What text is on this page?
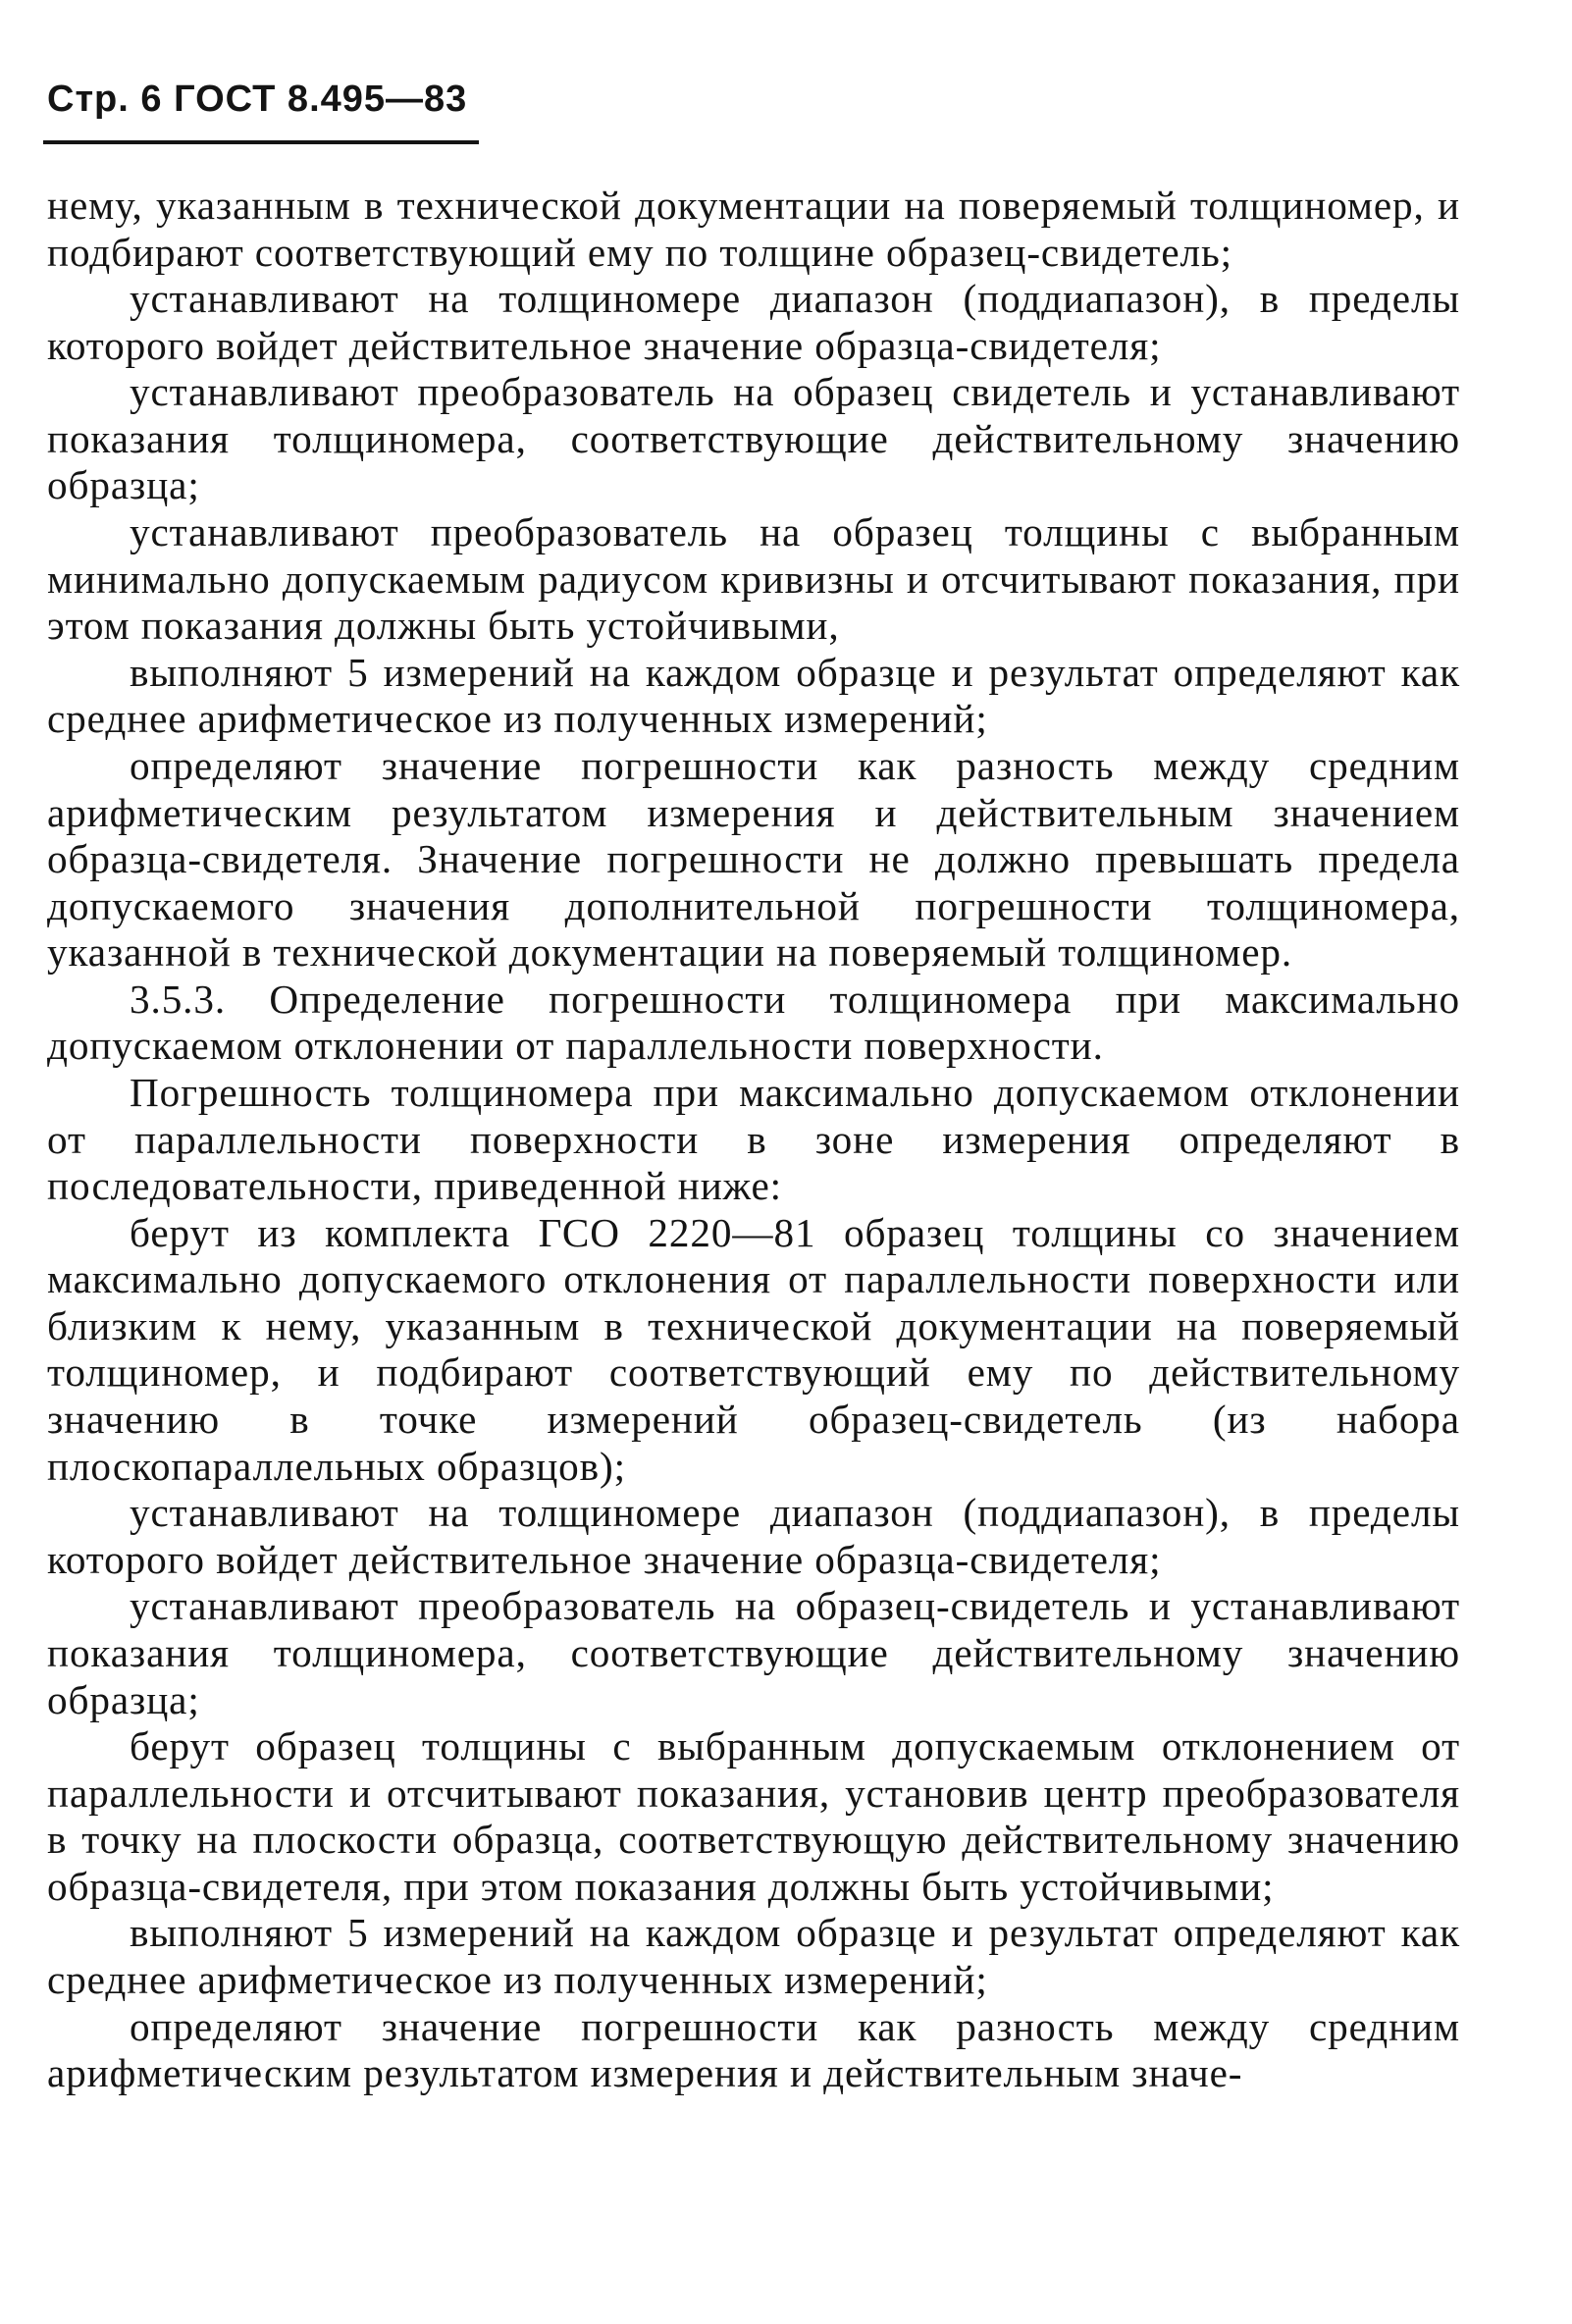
Стр. 6 ГОСТ 8.495—83

нему, указанным в технической документации на поверяемый толщиномер, и подбирают соответствующий ему по толщине образец-свидетель;

устанавливают на толщиномере диапазон (поддиапазон), в пределы которого войдет действительное значение образца-свидетеля;

устанавливают преобразователь на образец свидетель и устанавливают показания толщиномера, соответствующие действительному значению образца;

устанавливают преобразователь на образец толщины с выбранным минимально допускаемым радиусом кривизны и отсчитывают показания, при этом показания должны быть устойчивыми,

выполняют 5 измерений на каждом образце и результат определяют как среднее арифметическое из полученных измерений;

определяют значение погрешности как разность между средним арифметическим результатом измерения и действительным значением образца-свидетеля. Значение погрешности не должно превышать предела допускаемого значения дополнительной погрешности толщиномера, указанной в технической документации на поверяемый толщиномер.

3.5.3. Определение погрешности толщиномера при максимально допускаемом отклонении от параллельности поверхности.

Погрешность толщиномера при максимально допускаемом отклонении от параллельности поверхности в зоне измерения определяют в последовательности, приведенной ниже:

берут из комплекта ГСО 2220—81 образец толщины со значением максимально допускаемого отклонения от параллельности поверхности или близким к нему, указанным в технической документации на поверяемый толщиномер, и подбирают соответствующий ему по действительному значению в точке измерений образец-свидетель (из набора плоскопараллельных образцов);

устанавливают на толщиномере диапазон (поддиапазон), в пределы которого войдет действительное значение образца-свидетеля;

устанавливают преобразователь на образец-свидетель и устанавливают показания толщиномера, соответствующие действительному значению образца;

берут образец толщины с выбранным допускаемым отклонением от параллельности и отсчитывают показания, установив центр преобразователя в точку на плоскости образца, соответствующую действительному значению образца-свидетеля, при этом показания должны быть устойчивыми;

выполняют 5 измерений на каждом образце и результат определяют как среднее арифметическое из полученных измерений;

определяют значение погрешности как разность между средним арифметическим результатом измерения и действительным значе-
